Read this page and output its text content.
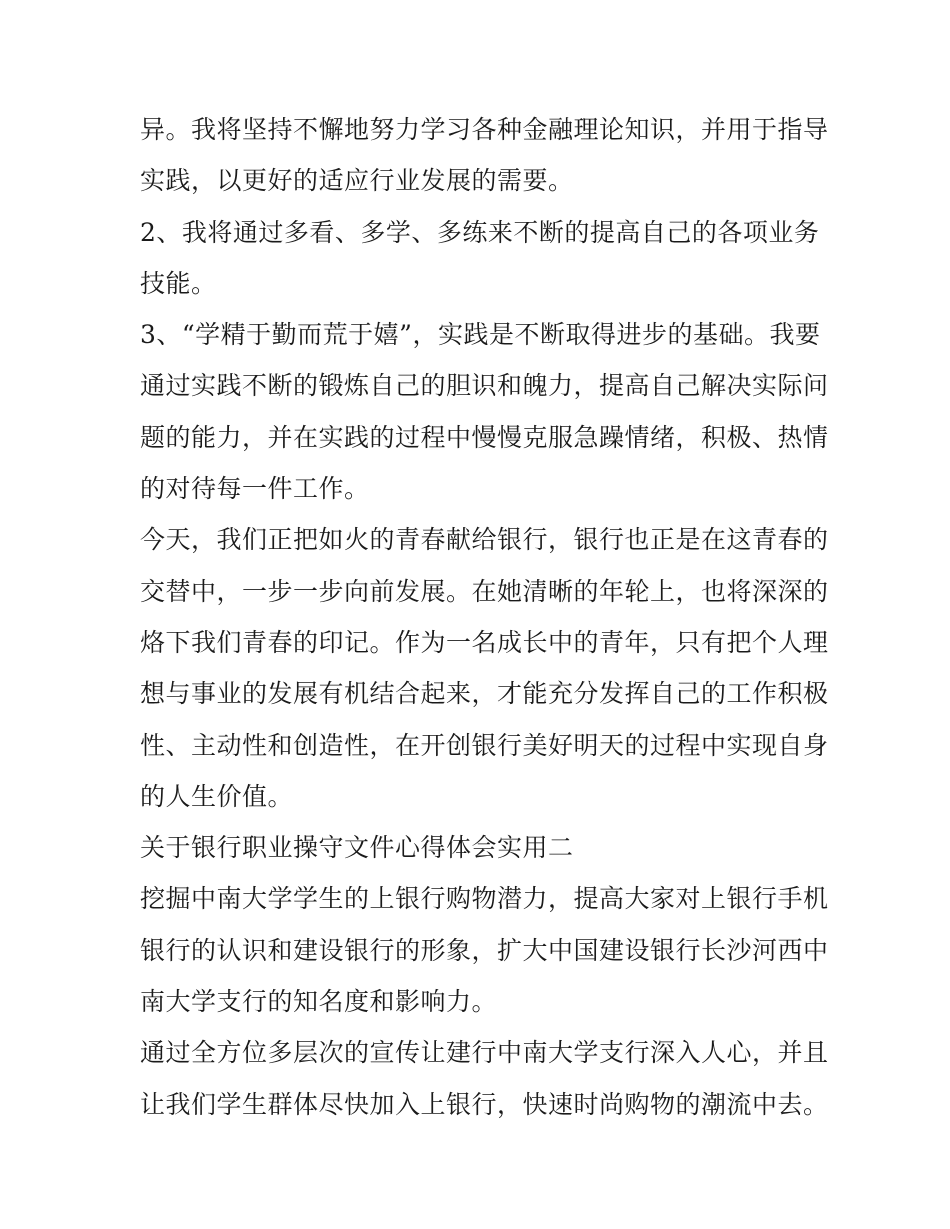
异。我将坚持不懈地努力学习各种金融理论知识，并用于指导
实践，以更好的适应行业发展的需要。
2、我将通过多看、多学、多练来不断的提高自己的各项业务
技能。
3、“学精于勤而荒于嬉”，实践是不断取得进步的基础。我要
通过实践不断的锻炼自己的胆识和魄力，提高自己解决实际问
题的能力，并在实践的过程中慢慢克服急躁情绪，积极、热情
的对待每一件工作。
今天，我们正把如火的青春献给银行，银行也正是在这青春的
交替中，一步一步向前发展。在她清晰的年轮上，也将深深的
烙下我们青春的印记。作为一名成长中的青年，只有把个人理
想与事业的发展有机结合起来，才能充分发挥自己的工作积极
性、主动性和创造性，在开创银行美好明天的过程中实现自身
的人生价值。
关于银行职业操守文件心得体会实用二
挖掘中南大学学生的上银行购物潜力，提高大家对上银行手机
银行的认识和建设银行的形象，扩大中国建设银行长沙河西中
南大学支行的知名度和影响力。
通过全方位多层次的宣传让建行中南大学支行深入人心，并且
让我们学生群体尽快加入上银行，快速时尚购物的潮流中去。
